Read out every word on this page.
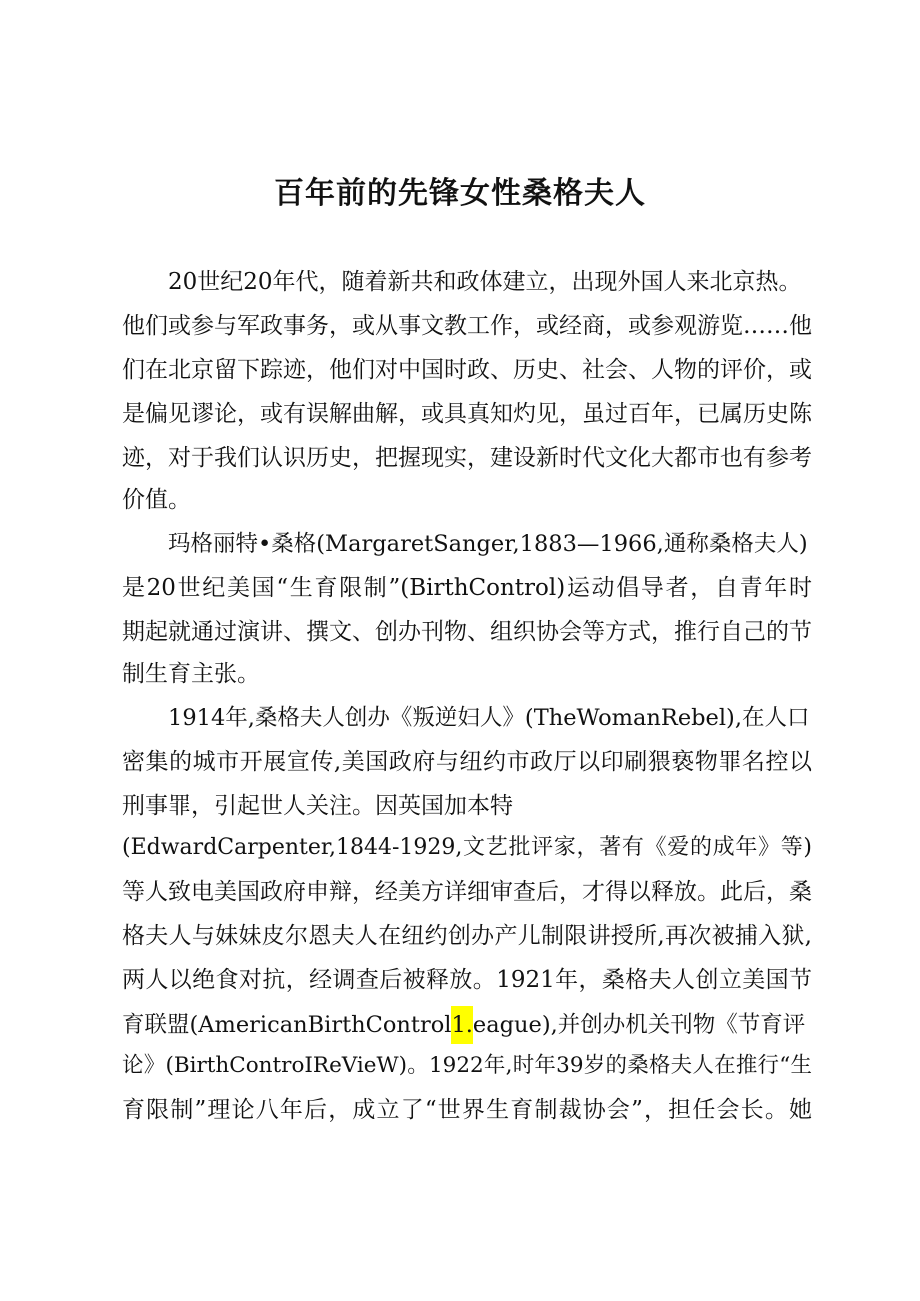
百年前的先锋女性桑格夫人
20世纪20年代，随着新共和政体建立，出现外国人来北京热。
他们或参与军政事务，或从事文教工作，或经商，或参观游览……他
们在北京留下踪迹，他们对中国时政、历史、社会、人物的评价，或
是偏见谬论，或有误解曲解，或具真知灼见，虽过百年，已属历史陈
迹，对于我们认识历史，把握现实，建设新时代文化大都市也有参考
价值。
玛格丽特•桑格(MargaretSanger,1883—1966,通称桑格夫人)
是20世纪美国“生育限制”(BirthControl)运动倡导者，自青年时
期起就通过演讲、撰文、创办刊物、组织协会等方式，推行自己的节
制生育主张。
1914年,桑格夫人创办《叛逆妇人》(TheWomanRebel),在人口
密集的城市开展宣传,美国政府与纽约市政厅以印刷猥亵物罪名控以
刑事罪，引起世人关注。因英国加本特
(EdwardCarpenter,1844-1929,文艺批评家，著有《爱的成年》等)
等人致电美国政府申辩，经美方详细审查后，才得以释放。此后，桑
格夫人与妹妹皮尔恩夫人在纽约创办产儿制限讲授所,再次被捕入狱,
两人以绝食对抗，经调查后被释放。1921年，桑格夫人创立美国节
育联盟(AmericanBirthControl1.eague),并创办机关刊物《节育评
论》(BirthControIReVieW)。1922年,时年39岁的桑格夫人在推行“生
育限制”理论八年后，成立了“世界生育制裁协会”，担任会长。她
